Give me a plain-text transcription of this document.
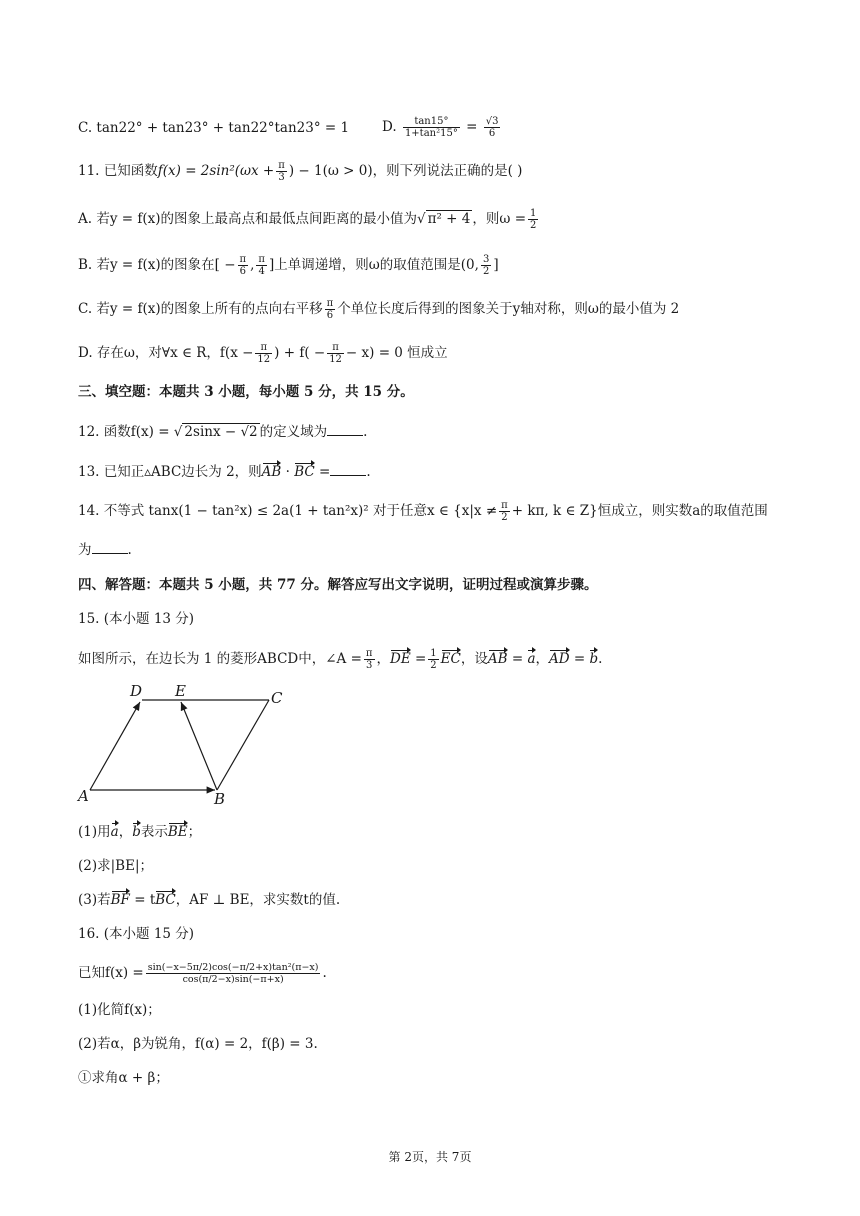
C. tan22° + tan23° + tan22°tan23° = 1	D. $\frac{\tan 15^\circ}{\text{1+tan²15°}} = \frac{√3}{6}$
11. 已知函数$f(x) = 2\sin^2(\omega x + \frac{\pi}{3}$ ) − 1(ω > 0)，则下列说法正确的是( )
A. 若y = f(x)的图象上最高点和最低点间距离的最小值为√ π² + 4 ，则$\omega = \frac{1}{2}$
B. 若y = f(x)的图象在[ − $\frac{\pi}{6}$ , $\frac{\pi}{4}$ ]上单调递增，则ω的取值范围是(0, $\frac{3}{2}$ ]
C. 若y = f(x)的图象上所有的点向右平移 $\frac{\pi}{6}$ 个单位长度后得到的图象关于y轴对称，则ω的最小值为 2
D. 存在ω，对∀x ∈ R，$f(x - \frac{\pi}{12}$ ) + $f( - \frac{\pi}{12} - x) = 0$ 恒成立
三、填空题：本题共 3 小题，每小题 5 分，共 15 分。
12. 函数f(x) = √ 2sinx − √2 的定义域为	.
13. 已知正▵ABC边长为 2，则AB · BC =	.
14. 不等式 tanx(1 − tan²x) ≤ 2a(1 + tan²x)² 对于任意x ∈ {$x|x \ne \frac{\pi}{2} + k\pi$, k ∈ Z}恒成立，则实数a的取值范围
为	.
四、解答题：本题共 5 小题，共 77 分。解答应写出文字说明，证明过程或演算步骤。
15. (本小题 13 分)
如图所示，在边长为 1 的菱形ABCD中，∠A = $\frac{\pi}{3}$ ，DE = $\frac{1}{2}$ EC，设AB = a，AD = b.
A	B
C
D E
(1)用a，b表示BE；
(2)求|BE|；
(3)若BF = tBC，AF ⊥ BE，求实数t的值.
16. (本小题 15 分)
已知$f(x) = \frac{\text{sin(−x−5π/2)cos(−π/2+x)tan²(π−x)}}{\cos(\pi/2-x)\sin(-\pi+x)}$ .
(1)化简f(x)；
(2)若α，β为锐角，f(α) = 2，f(β) = 3.
①求角α + β；
第 2页，共 7页
